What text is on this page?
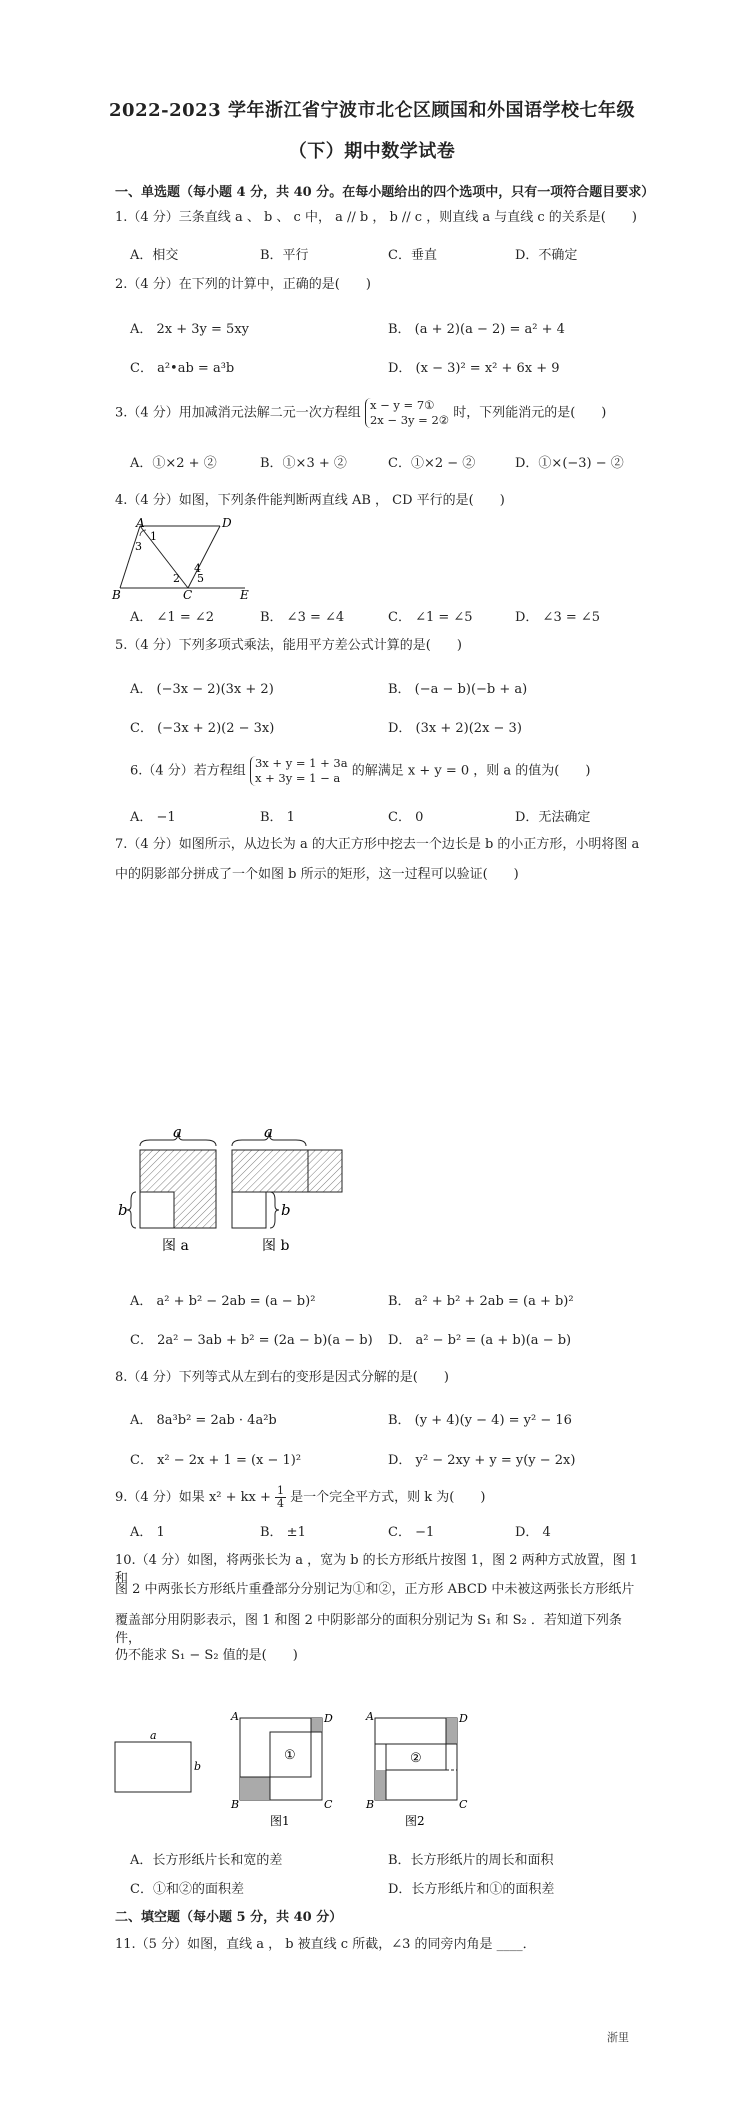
2022-2023 学年浙江省宁波市北仑区顾国和外国语学校七年级
（下）期中数学试卷
一、单选题（每小题 4 分，共 40 分。在每小题给出的四个选项中，只有一项符合题目要求）
1.（4 分）三条直线 a 、 b 、 c 中， a // b ， b // c ，则直线 a 与直线 c 的关系是(　　)
A．相交	B．平行	C．垂直	D．不确定
2.（4 分）在下列的计算中，正确的是(　　)
A． 2x + 3y = 5xy	B． (a + 2)(a − 2) = a² + 4
C． a²•ab = a³b	D． (x − 3)² = x² + 6x + 9
3.（4 分）用加减消元法解二元一次方程组 x − y = 7①
2x − 3y = 2② 时，下列能消元的是(　　)
A．①×2 + ②	B．①×3 + ②	C．①×2 − ②	D．①×(−3) − ②
4.（4 分）如图，下列条件能判断两直线 AB ， CD 平行的是(　　)
A	D
1
3
4
2 5
B	C	E
A． ∠1 = ∠2	B． ∠3 = ∠4	C． ∠1 = ∠5	D． ∠3 = ∠5
5.（4 分）下列多项式乘法，能用平方差公式计算的是(　　)
A． (−3x − 2)(3x + 2)	B． (−a − b)(−b + a)
C． (−3x + 2)(2 − 3x)	D． (3x + 2)(2x − 3)
6.（4 分）若方程组 3x + y = 1 + 3a
x + 3y = 1 − a 的解满足 x + y = 0 ，则 a 的值为(　　)
A． −1	B． 1	C． 0	D．无法确定
7.（4 分）如图所示，从边长为 a 的大正方形中挖去一个边长是 b 的小正方形，小明将图 a
中的阴影部分拼成了一个如图 b 所示的矩形，这一过程可以验证(　　)
a
b
图 a
a
b
图 b
A． a² + b² − 2ab = (a − b)²	B． a² + b² + 2ab = (a + b)²
C． 2a² − 3ab + b² = (2a − b)(a − b) D． a² − b² = (a + b)(a − b)
8.（4 分）下列等式从左到右的变形是因式分解的是(　　)
A． 8a³b² = 2ab · 4a²b	B． (y + 4)(y − 4) = y² − 16
C． x² − 2x + 1 = (x − 1)²	D． y² − 2xy + y = y(y − 2x)
9.（4 分）如果 x² + kx + $\frac{1}{4}$ 是一个完全平方式，则 k 为(　　)
A． 1	B． ±1	C． −1	D． 4
10.（4 分）如图，将两张长为 a ，宽为 b 的长方形纸片按图 1，图 2 两种方式放置，图 1 和
图 2 中两张长方形纸片重叠部分分别记为①和②，正方形 ABCD 中未被这两张长方形纸片
覆盖部分用阴影表示，图 1 和图 2 中阴影部分的面积分别记为 S₁ 和 S₂ ．若知道下列条件，
仍不能求 S₁ − S₂ 值的是(　　)
a
b
①
A	D
B	C
图1
②
A	D
B	C
图2
A．长方形纸片长和宽的差	B．长方形纸片的周长和面积
C．①和②的面积差	D．长方形纸片和①的面积差
二、填空题（每小题 5 分，共 40 分）
11.（5 分）如图，直线 a ， b 被直线 c 所截，∠3 的同旁内角是 ____．
浙里
